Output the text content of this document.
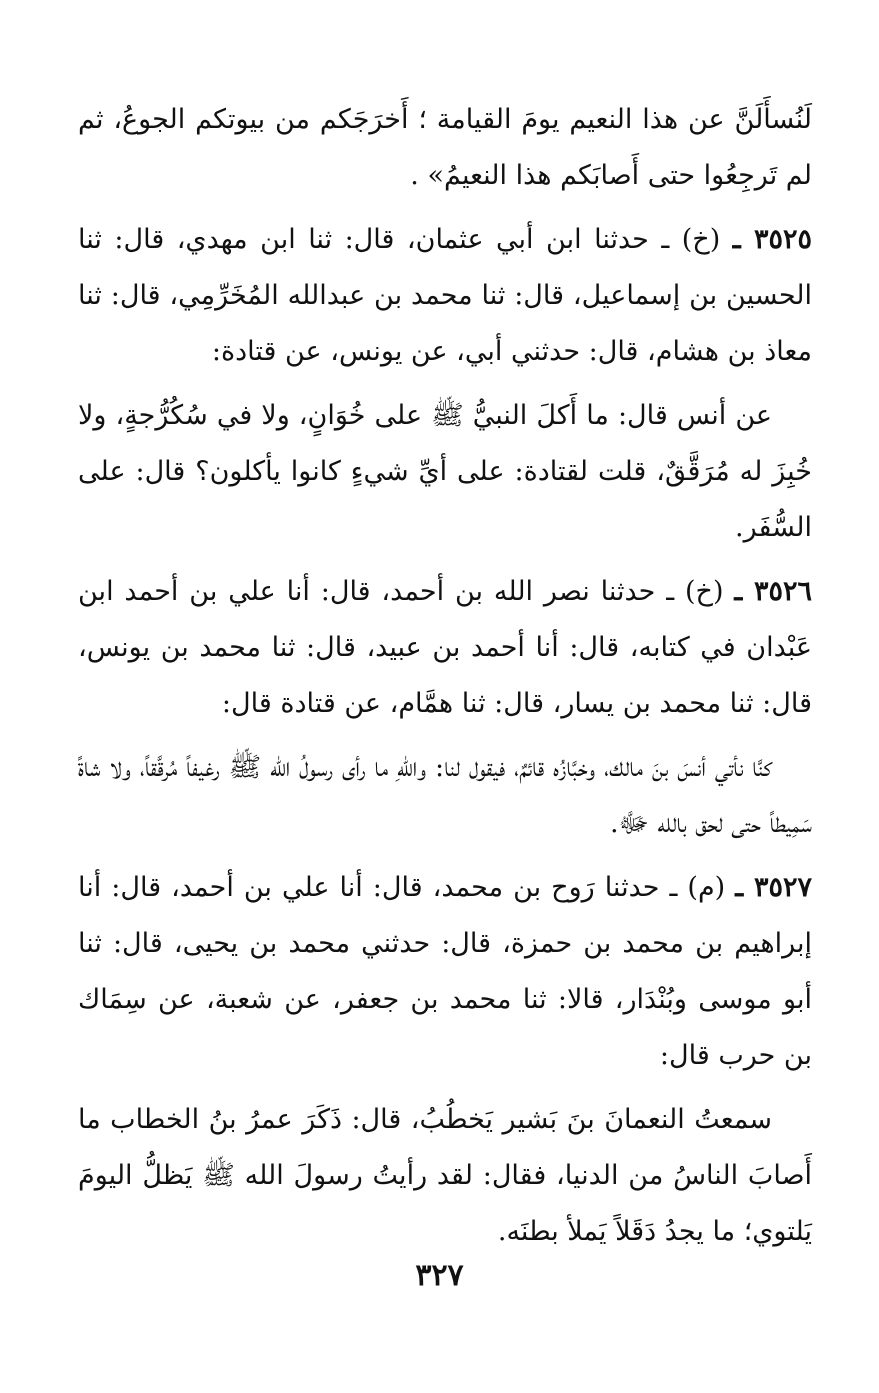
لَنُسأَلَنَّ عن هذا النعيم يومَ القيامة ؛ أَخرَجَكم من بيوتكم الجوعُ، ثم لم تَرجِعُوا حتى أَصابَكم هذا النعيمُ» .

٣٥٢٥ ـ (خ) ـ حدثنا ابن أبي عثمان، قال: ثنا ابن مهدي، قال: ثنا الحسين بن إسماعيل، قال: ثنا محمد بن عبدالله المُخَرِّمِي، قال: ثنا معاذ بن هشام، قال: حدثني أبي، عن يونس، عن قتادة:

عن أنس قال: ما أَكلَ النبيُّ ﷺ على خُوَانٍ، ولا في سُكُرُّجةٍ، ولا خُبِزَ له مُرَقَّقٌ، قلت لقتادة: على أيِّ شيءٍ كانوا يأكلون؟ قال: على السُّفَر.

٣٥٢٦ ـ (خ) ـ حدثنا نصر الله بن أحمد، قال: أنا علي بن أحمد ابن عَبْدان في كتابه، قال: أنا أحمد بن عبيد، قال: ثنا محمد بن يونس، قال: ثنا محمد بن يسار، قال: ثنا همَّام، عن قتادة قال:

كنَّا نأتي أنسَ بنَ مالك، وخبَّازُه قائمٌ، فيقول لنا: واللهِ ما رأى رسولُ الله ﷺ رغيفاً مُرقَّقاً، ولا شاةً سَمِيطاً حتى لحق بالله ﷻ.

٣٥٢٧ ـ (م) ـ حدثنا رَوح بن محمد، قال: أنا علي بن أحمد، قال: أنا إبراهيم بن محمد بن حمزة، قال: حدثني محمد بن يحيى، قال: ثنا أبو موسى وبُنْدَار، قالا: ثنا محمد بن جعفر، عن شعبة، عن سِمَاك بن حرب قال:

سمعتُ النعمانَ بنَ بَشير يَخطُبُ، قال: ذَكَرَ عمرُ بنُ الخطاب ما أَصابَ الناسُ من الدنيا، فقال: لقد رأيتُ رسولَ الله ﷺ يَظلُّ اليومَ يَلتوي؛ ما يجدُ دَقَلاً يَملأ بطنَه.

٣٢٧
